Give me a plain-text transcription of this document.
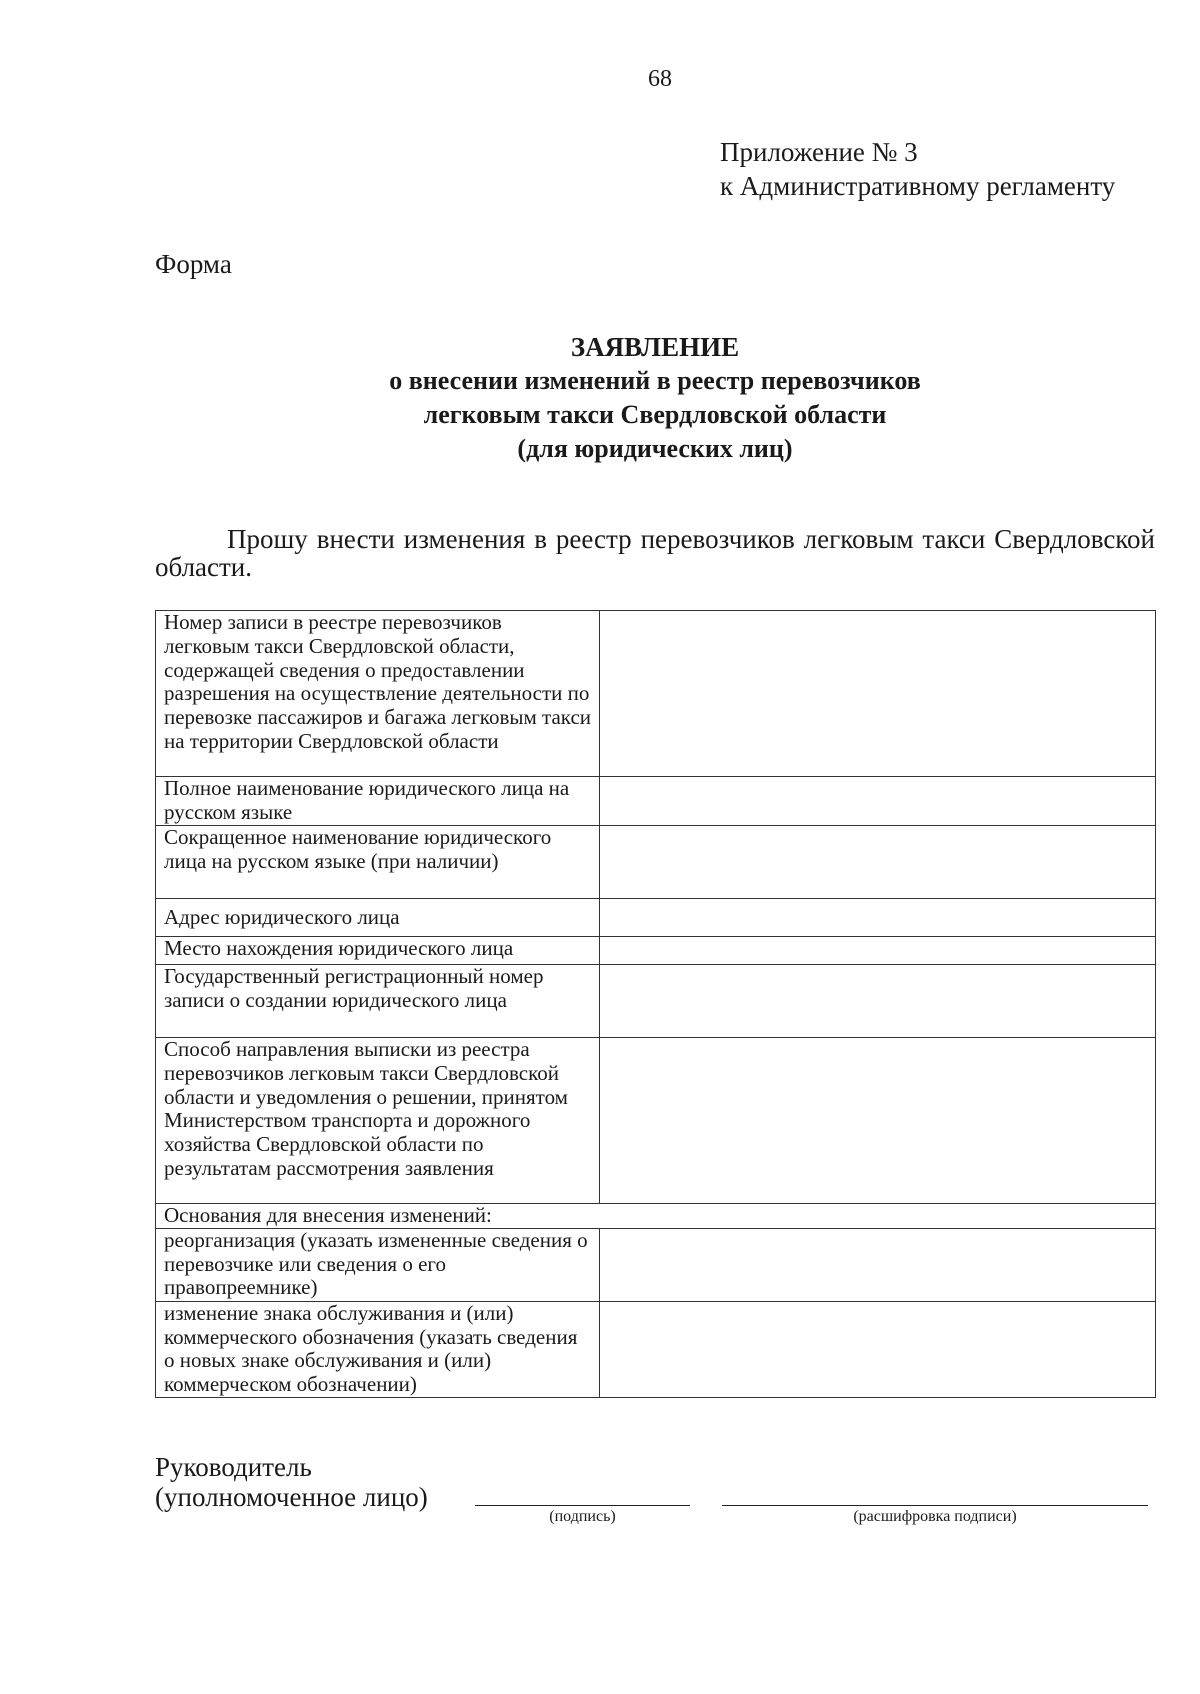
68
Приложение № 3
к Административному регламенту
Форма
ЗАЯВЛЕНИЕ
о внесении изменений в реестр перевозчиков
легковым такси Свердловской области
(для юридических лиц)
Прошу внести изменения в реестр перевозчиков легковым такси Свердловской области.
Номер записи в реестре перевозчиков легковым такси Свердловской области, содержащей сведения о предоставлении разрешения на осуществление деятельности по перевозке пассажиров и багажа легковым такси на территории Свердловской области	
Полное наименование юридического лица на русском языке	
Сокращенное наименование юридического лица на русском языке (при наличии)	
Адрес юридического лица	
Место нахождения юридического лица	
Государственный регистрационный номер записи о создании юридического лица	
Способ направления выписки из реестра перевозчиков легковым такси Свердловской области и уведомления о решении, принятом Министерством транспорта и дорожного хозяйства Свердловской области по результатам рассмотрения заявления	
Основания для внесения изменений:	
реорганизация (указать измененные сведения о перевозчике или сведения о его правопреемнике)	
изменение знака обслуживания и (или) коммерческого обозначения (указать сведения о новых знаке обслуживания и (или) коммерческом обозначении)	
Руководитель
(уполномоченное лицо)
(подпись)	(расшифровка подписи)
